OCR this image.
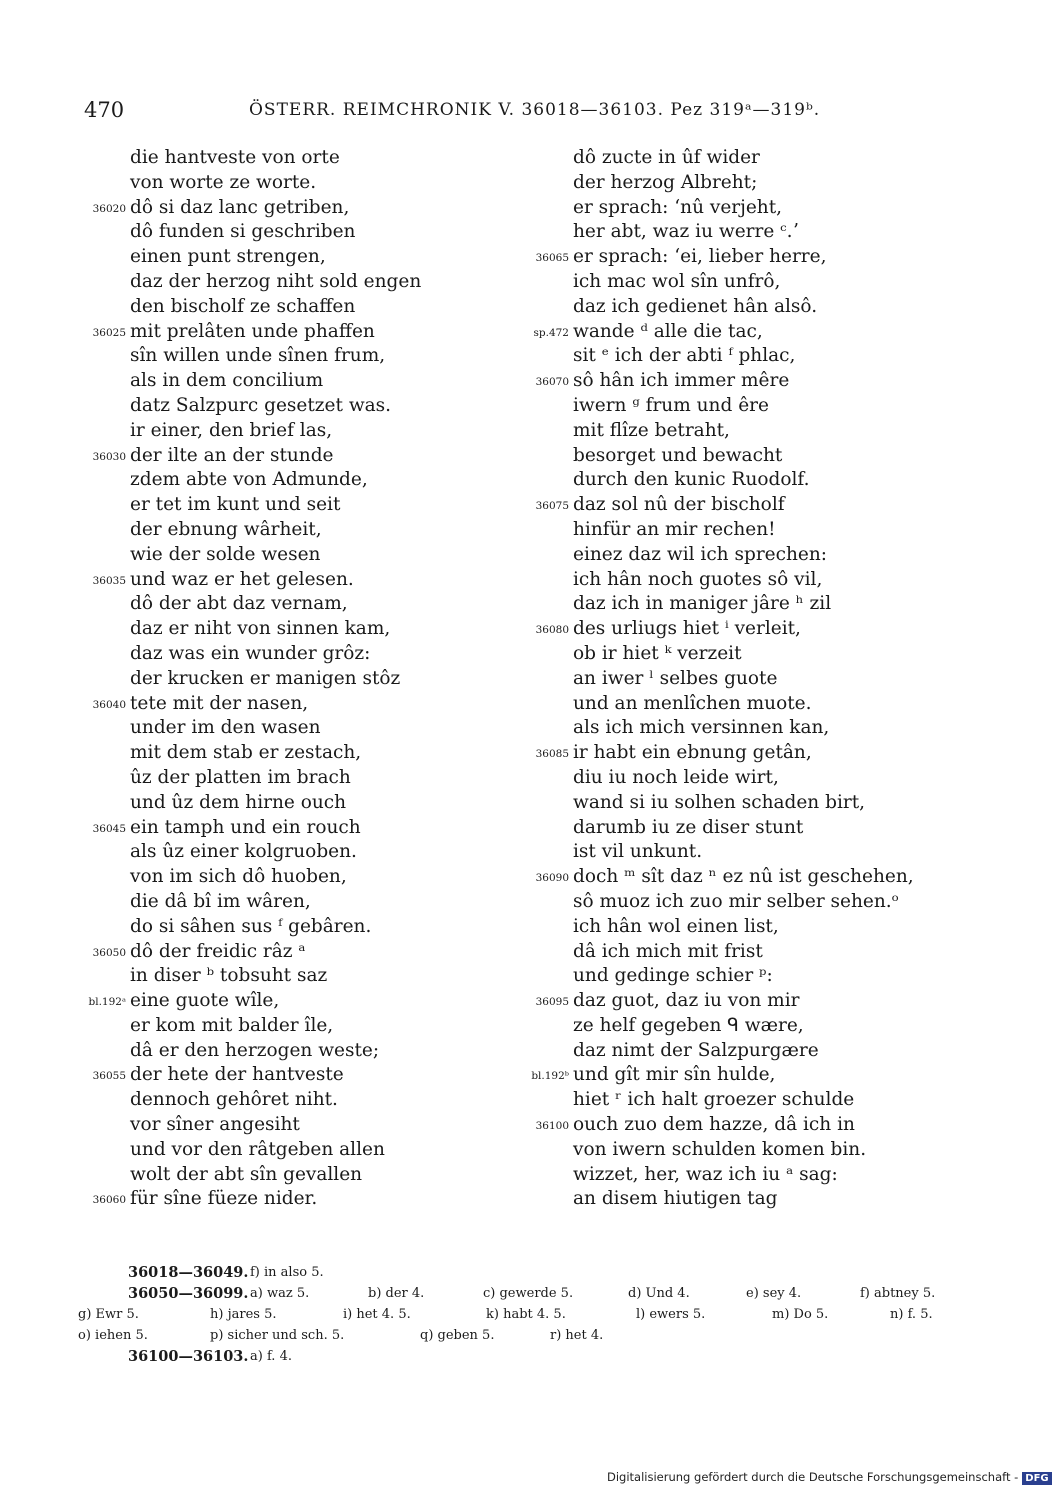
470	ÖSTERR. REIMCHRONIK V. 36018—36103. Pez 319ᵃ—319ᵇ.
die hantveste von orte
von worte ze worte.
36020 dô si daz lanc getriben,
dô funden si geschriben
einen punt strengen,
daz der herzog niht sold engen
den bischolf ze schaffen
36025 mit prelâten unde phaffen
sîn willen unde sînen frum,
als in dem concilium
datz Salzpurc gesetzet was.
ir einer, den brief las,
36030 der ilte an der stunde
zdem abte von Admunde,
er tet im kunt und seit
der ebnung wârheit,
wie der solde wesen
36035 und waz er het gelesen.
dô der abt daz vernam,
daz er niht von sinnen kam,
daz was ein wunder grôz:
der krucken er manigen stôz
36040 tete mit der nasen,
under im den wasen
mit dem stab er zestach,
ûz der platten im brach
und ûz dem hirne ouch
36045 ein tamph und ein rouch
als ûz einer kolgruoben.
von im sich dô huoben,
die dâ bî im wâren,
do si sâhen sus ᶠ gebâren.
36050 dô der freidic râz ᵃ
in diser ᵇ tobsuht saz
bl.192ᵃ eine guote wîle,
er kom mit balder île,
dâ er den herzogen weste;
36055 der hete der hantveste
dennoch gehôret niht.
vor sîner angesiht
und vor den râtgeben allen
wolt der abt sîn gevallen
36060 für sîne füeze nider.
dô zucte in ûf wider
der herzog Albreht;
er sprach: ʻnû verjeht,
her abt, waz iu werre ᶜ.ʼ
36065 er sprach: ʻei, lieber herre,
ich mac wol sîn unfrô,
daz ich gedienet hân alsô.
sp.472 wande ᵈ alle die tac,
sit ᵉ ich der abti ᶠ phlac,
36070 sô hân ich immer mêre
iwern ᵍ frum und êre
mit flîze betraht,
besorget und bewacht
durch den kunic Ruodolf.
36075 daz sol nû der bischolf
hinfür an mir rechen!
einez daz wil ich sprechen:
ich hân noch guotes sô vil,
daz ich in maniger jâre ʰ zil
36080 des urliugs hiet ⁱ verleit,
ob ir hiet ᵏ verzeit
an iwer ˡ selbes guote
und an menlîchen muote.
als ich mich versinnen kan,
36085 ir habt ein ebnung getân,
diu iu noch leide wirt,
wand si iu solhen schaden birt,
darumb iu ze diser stunt
ist vil unkunt.
36090 doch ᵐ sît daz ⁿ ez nû ist geschehen,
sô muoz ich zuo mir selber sehen.ᵒ
ich hân wol einen list,
dâ ich mich mit frist
und gedinge schier ᵖ:
36095 daz guot, daz iu von mir
ze helf gegeben ᑫ wære,
daz nimt der Salzpurgære
bl.192ᵇ und gît mir sîn hulde,
hiet ʳ ich halt groezer schulde
36100 ouch zuo dem hazze, dâ ich in
von iwern schulden komen bin.
wizzet, her, waz ich iu ᵃ sag:
an disem hiutigen tag
36018—36049. f) in also 5.
36050—36099. a) waz 5.	b) der 4.	c) gewerde 5.	d) Und 4.	e) sey 4.	f) abtney 5.
g) Ewr 5.	h) jares 5.	i) het 4. 5.	k) habt 4. 5.	l) ewers 5.	m) Do 5.	n) f. 5.
o) iehen 5.	p) sicher und sch. 5.	q) geben 5.	r) het 4.
36100—36103. a) f. 4.
Digitalisierung gefördert durch die Deutsche Forschungsgemeinschaft - DFG
